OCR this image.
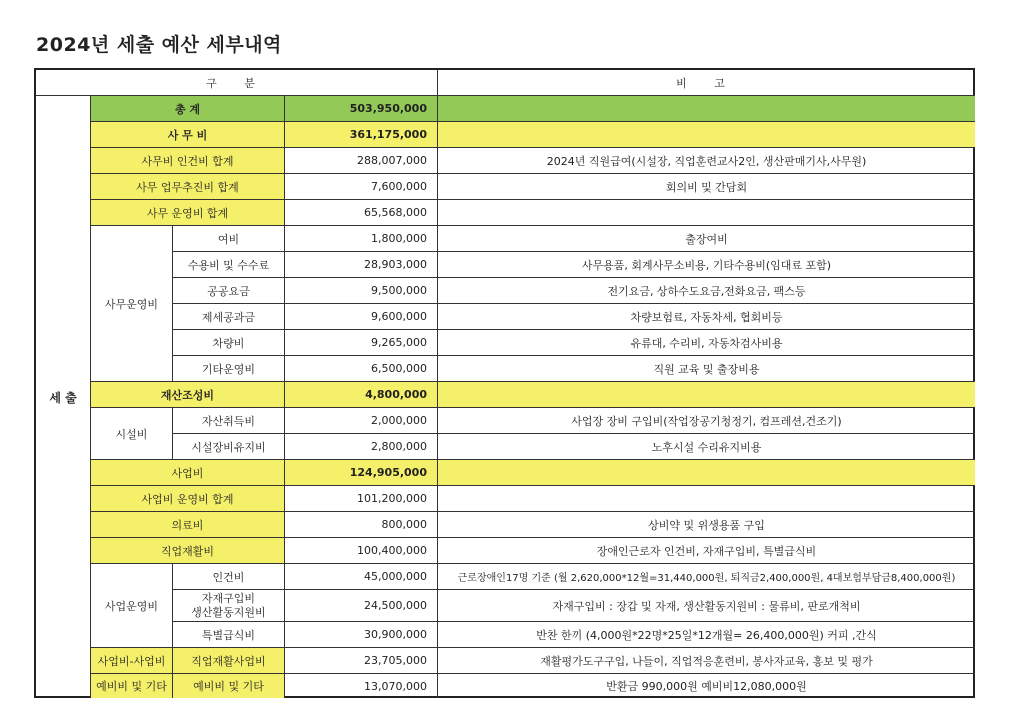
2024년 세출 예산 세부내역
구 분	비 고
세 출
총 계	503,950,000
사 무 비	361,175,000
사무비 인건비 합계	288,007,000	2024년 직원급여(시설장, 직업훈련교사2인, 생산판매기사,사무원)
사무 업무추진비 합계	7,600,000	회의비 및 간담회
사무 운영비 합계	65,568,000
사무운영비
여비	1,800,000	출장여비
수용비 및 수수료	28,903,000	사무용품, 회계사무소비용, 기타수용비(임대료 포함)
공공요금	9,500,000	전기요금, 상하수도요금,전화요금, 팩스등
제세공과금	9,600,000	차량보험료, 자동차세, 협회비등
차량비	9,265,000	유류대, 수리비, 자동차검사비용
기타운영비	6,500,000	직원 교육 및 출장비용
재산조성비	4,800,000
시설비
자산취득비	2,000,000	사업장 장비 구입비(작업장공기청정기, 컴프레션,건조기)
시설장비유지비	2,800,000	노후시설 수리유지비용
사업비	124,905,000
사업비 운영비 합계	101,200,000
의료비	800,000	상비약 및 위생용품 구입
직업재활비	100,400,000	장애인근로자 인건비, 자재구입비, 특별급식비
사업운영비
인건비	45,000,000	근로장애인17명 기준 (월 2,620,000*12월=31,440,000원, 퇴직금2,400,000원, 4대보험부담금8,400,000원)
자재구입비
생산활동지원비	24,500,000	자재구입비 : 장갑 및 자재, 생산활동지원비 : 물류비, 판로개척비
특별급식비	30,900,000	반찬 한끼 (4,000원*22명*25일*12개월= 26,400,000원) 커피 ,간식
사업비-사업비	직업재활사업비	23,705,000	재활평가도구구입, 나들이, 직업적응훈련비, 봉사자교육, 홍보 및 평가
예비비 및 기타	예비비 및 기타	13,070,000	반환금 990,000원 예비비12,080,000원
